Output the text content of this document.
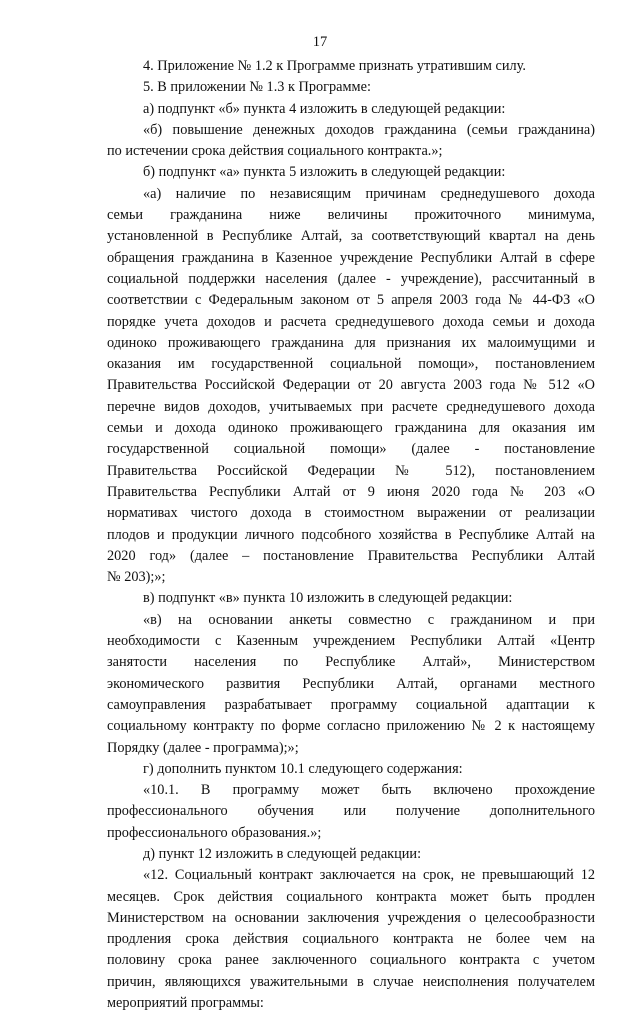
17
4. Приложение № 1.2 к Программе признать утратившим силу.
5. В приложении № 1.3 к Программе:
а) подпункт «б» пункта 4 изложить в следующей редакции:
«б) повышение денежных доходов гражданина (семьи гражданина)
по истечении срока действия социального контракта.»;
б) подпункт «а» пункта 5 изложить в следующей редакции:
«а) наличие по независящим причинам среднедушевого дохода
семьи гражданина ниже величины прожиточного минимума,
установленной в Республике Алтай, за соответствующий квартал на день
обращения гражданина в Казенное учреждение Республики Алтай в сфере
социальной поддержки населения (далее - учреждение), рассчитанный в
соответствии с Федеральным законом от 5 апреля 2003 года № 44-ФЗ «О
порядке учета доходов и расчета среднедушевого дохода семьи и дохода
одиноко проживающего гражданина для признания их малоимущими и
оказания им государственной социальной помощи», постановлением
Правительства Российской Федерации от 20 августа 2003 года № 512 «О
перечне видов доходов, учитываемых при расчете среднедушевого дохода
семьи и дохода одиноко проживающего гражданина для оказания им
государственной социальной помощи» (далее - постановление
Правительства Российской Федерации № 512), постановлением
Правительства Республики Алтай от 9 июня 2020 года № 203 «О
нормативах чистого дохода в стоимостном выражении от реализации
плодов и продукции личного подсобного хозяйства в Республике Алтай на
2020 год» (далее – постановление Правительства Республики Алтай
№ 203);»;
в) подпункт «в» пункта 10 изложить в следующей редакции:
«в) на основании анкеты совместно с гражданином и при
необходимости с Казенным учреждением Республики Алтай «Центр
занятости населения по Республике Алтай», Министерством
экономического развития Республики Алтай, органами местного
самоуправления разрабатывает программу социальной адаптации к
социальному контракту по форме согласно приложению № 2 к настоящему
Порядку (далее - программа);»;
г) дополнить пунктом 10.1 следующего содержания:
«10.1. В программу может быть включено прохождение
профессионального обучения или получение дополнительного
профессионального образования.»;
д) пункт 12 изложить в следующей редакции:
«12. Социальный контракт заключается на срок, не превышающий 12
месяцев. Срок действия социального контракта может быть продлен
Министерством на основании заключения учреждения о целесообразности
продления срока действия социального контракта не более чем на
половину срока ранее заключенного социального контракта с учетом
причин, являющихся уважительными в случае неисполнения получателем
мероприятий программы:
